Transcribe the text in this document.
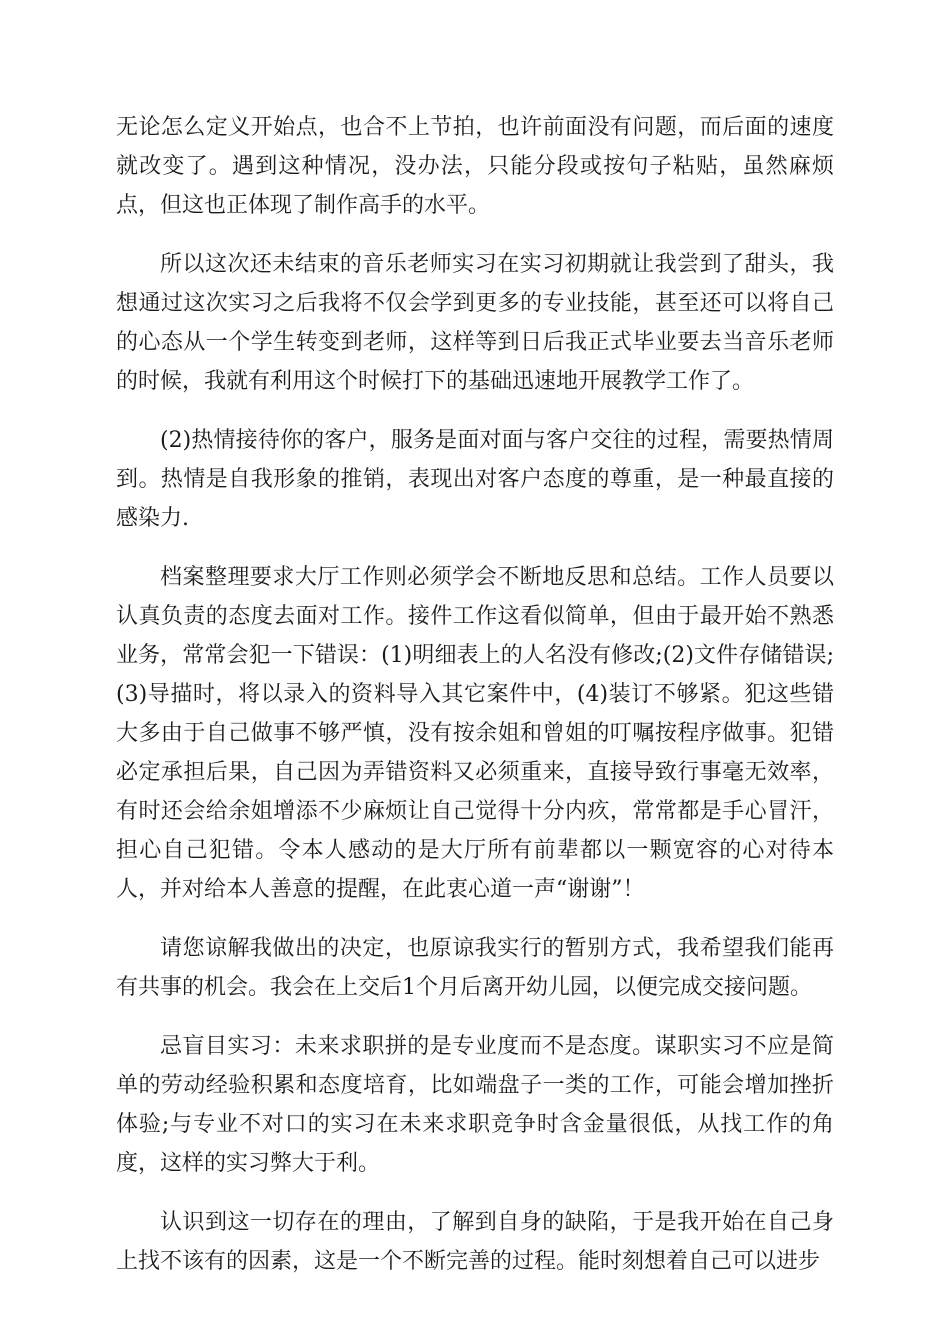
无论怎么定义开始点，也合不上节拍，也许前面没有问题，而后面的速度就改变了。遇到这种情况，没办法，只能分段或按句子粘贴，虽然麻烦点，但这也正体现了制作高手的水平。

所以这次还未结束的音乐老师实习在实习初期就让我尝到了甜头，我想通过这次实习之后我将不仅会学到更多的专业技能，甚至还可以将自己的心态从一个学生转变到老师，这样等到日后我正式毕业要去当音乐老师的时候，我就有利用这个时候打下的基础迅速地开展教学工作了。

(2)热情接待你的客户，服务是面对面与客户交往的过程，需要热情周到。热情是自我形象的推销，表现出对客户态度的尊重，是一种最直接的感染力.

档案整理要求大厅工作则必须学会不断地反思和总结。工作人员要以认真负责的态度去面对工作。接件工作这看似简单，但由于最开始不熟悉业务，常常会犯一下错误：(1)明细表上的人名没有修改;(2)文件存储错误;(3)导描时，将以录入的资料导入其它案件中，(4)装订不够紧。犯这些错大多由于自己做事不够严慎，没有按余姐和曾姐的叮嘱按程序做事。犯错必定承担后果，自己因为弄错资料又必须重来，直接导致行事毫无效率，有时还会给余姐增添不少麻烦让自己觉得十分内疚，常常都是手心冒汗，担心自己犯错。令本人感动的是大厅所有前辈都以一颗宽容的心对待本人，并对给本人善意的提醒，在此衷心道一声“谢谢”！

请您谅解我做出的决定，也原谅我实行的暂别方式，我希望我们能再有共事的机会。我会在上交后1个月后离开幼儿园，以便完成交接问题。

忌盲目实习：未来求职拼的是专业度而不是态度。谋职实习不应是简单的劳动经验积累和态度培育，比如端盘子一类的工作，可能会增加挫折体验;与专业不对口的实习在未来求职竞争时含金量很低，从找工作的角度，这样的实习弊大于利。

认识到这一切存在的理由，了解到自身的缺陷，于是我开始在自己身上找不该有的因素，这是一个不断完善的过程。能时刻想着自己可以进步
